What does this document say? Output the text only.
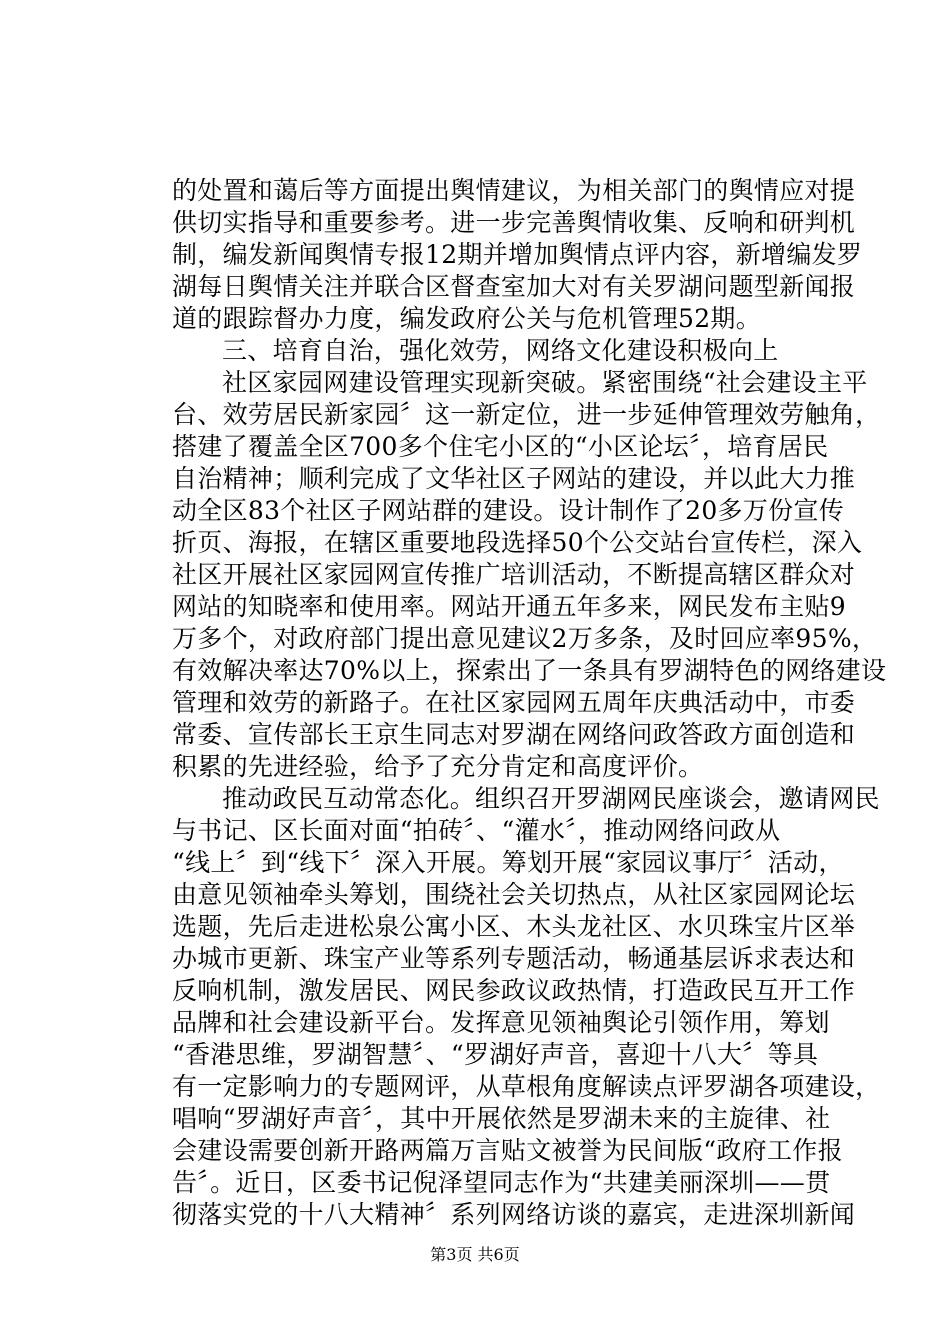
的处置和蔼后等方面提出舆情建议，为相关部门的舆情应对提
供切实指导和重要参考。进一步完善舆情收集、反响和研判机
制，编发新闻舆情专报12期并增加舆情点评内容，新增编发罗
湖每日舆情关注并联合区督查室加大对有关罗湖问题型新闻报
道的跟踪督办力度，编发政府公关与危机管理52期。
三、培育自治，强化效劳，网络文化建设积极向上
社区家园网建设管理实现新突破。紧密围绕“社会建设主平
台、效劳居民新家园〞这一新定位，进一步延伸管理效劳触角，
搭建了覆盖全区700多个住宅小区的“小区论坛〞，培育居民
自治精神；顺利完成了文华社区子网站的建设，并以此大力推
动全区83个社区子网站群的建设。设计制作了20多万份宣传
折页、海报，在辖区重要地段选择50个公交站台宣传栏，深入
社区开展社区家园网宣传推广培训活动，不断提高辖区群众对
网站的知晓率和使用率。网站开通五年多来，网民发布主贴9
万多个，对政府部门提出意见建议2万多条，及时回应率95%，
有效解决率达70%以上，探索出了一条具有罗湖特色的网络建设
管理和效劳的新路子。在社区家园网五周年庆典活动中，市委
常委、宣传部长王京生同志对罗湖在网络问政答政方面创造和
积累的先进经验，给予了充分肯定和高度评价。
推动政民互动常态化。组织召开罗湖网民座谈会，邀请网民
与书记、区长面对面“拍砖〞、“灌水〞，推动网络问政从
“线上〞到“线下〞深入开展。筹划开展“家园议事厅〞活动，
由意见领袖牵头筹划，围绕社会关切热点，从社区家园网论坛
选题，先后走进松泉公寓小区、木头龙社区、水贝珠宝片区举
办城市更新、珠宝产业等系列专题活动，畅通基层诉求表达和
反响机制，激发居民、网民参政议政热情，打造政民互开工作
品牌和社会建设新平台。发挥意见领袖舆论引领作用，筹划
“香港思维，罗湖智慧〞、“罗湖好声音，喜迎十八大〞等具
有一定影响力的专题网评，从草根角度解读点评罗湖各项建设，
唱响“罗湖好声音〞，其中开展依然是罗湖未来的主旋律、社
会建设需要创新开路两篇万言贴文被誉为民间版“政府工作报
告〞。近日，区委书记倪泽望同志作为“共建美丽深圳——贯
彻落实党的十八大精神〞系列网络访谈的嘉宾，走进深圳新闻
第3页 共6页
